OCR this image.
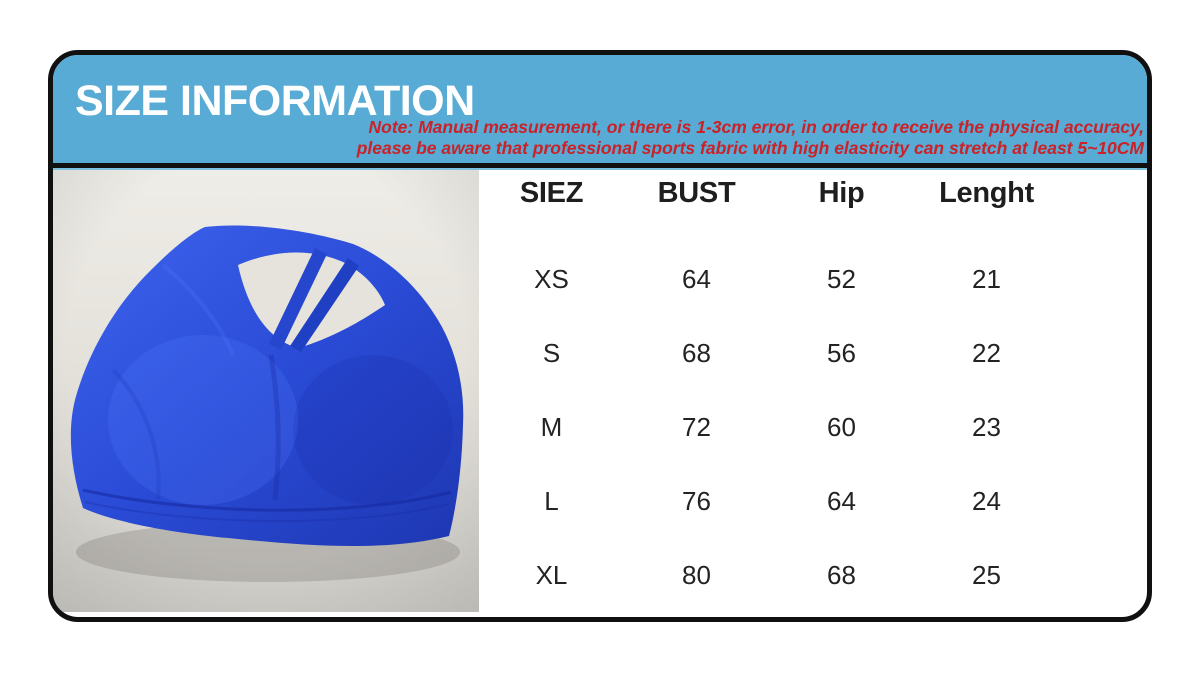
SIZE INFORMATION
Note: Manual measurement, or there is 1-3cm error, in order to receive the physical accuracy,
please be aware that professional sports fabric with high elasticity can stretch at least 5~10CM
SIEZ	BUST	Hip	Lenght
XS	64	52	21
S	68	56	22
M	72	60	23
L	76	64	24
XL	80	68	25
